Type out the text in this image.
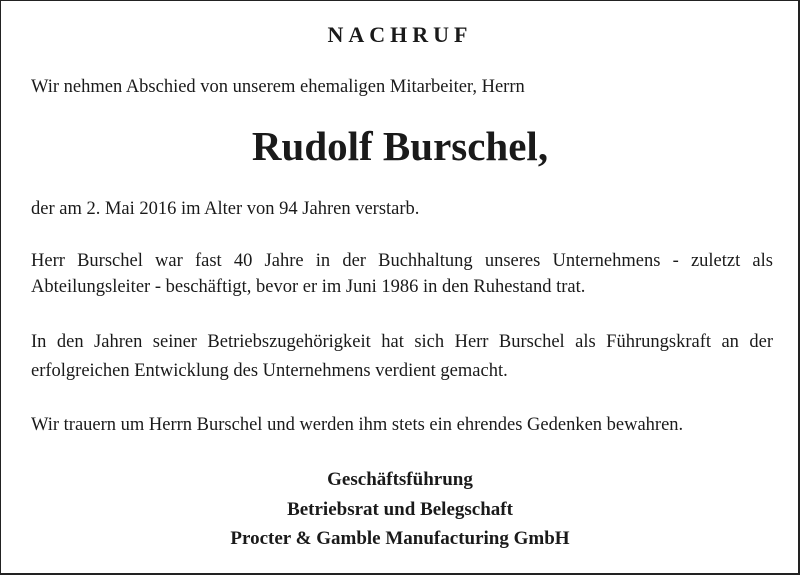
NACHRUF
Wir nehmen Abschied von unserem ehemaligen Mitarbeiter, Herrn
Rudolf Burschel,
der am 2. Mai 2016 im Alter von 94 Jahren verstarb.
Herr Burschel war fast 40 Jahre in der Buchhaltung unseres Unternehmens - zuletzt als
Abteilungsleiter - beschäftigt, bevor er im Juni 1986 in den Ruhestand trat.
In den Jahren seiner Betriebszugehörigkeit hat sich Herr Burschel als Führungskraft an der
erfolgreichen Entwicklung des Unternehmens verdient gemacht.
Wir trauern um Herrn Burschel und werden ihm stets ein ehrendes Gedenken bewahren.
Geschäftsführung
Betriebsrat und Belegschaft
Procter & Gamble Manufacturing GmbH
